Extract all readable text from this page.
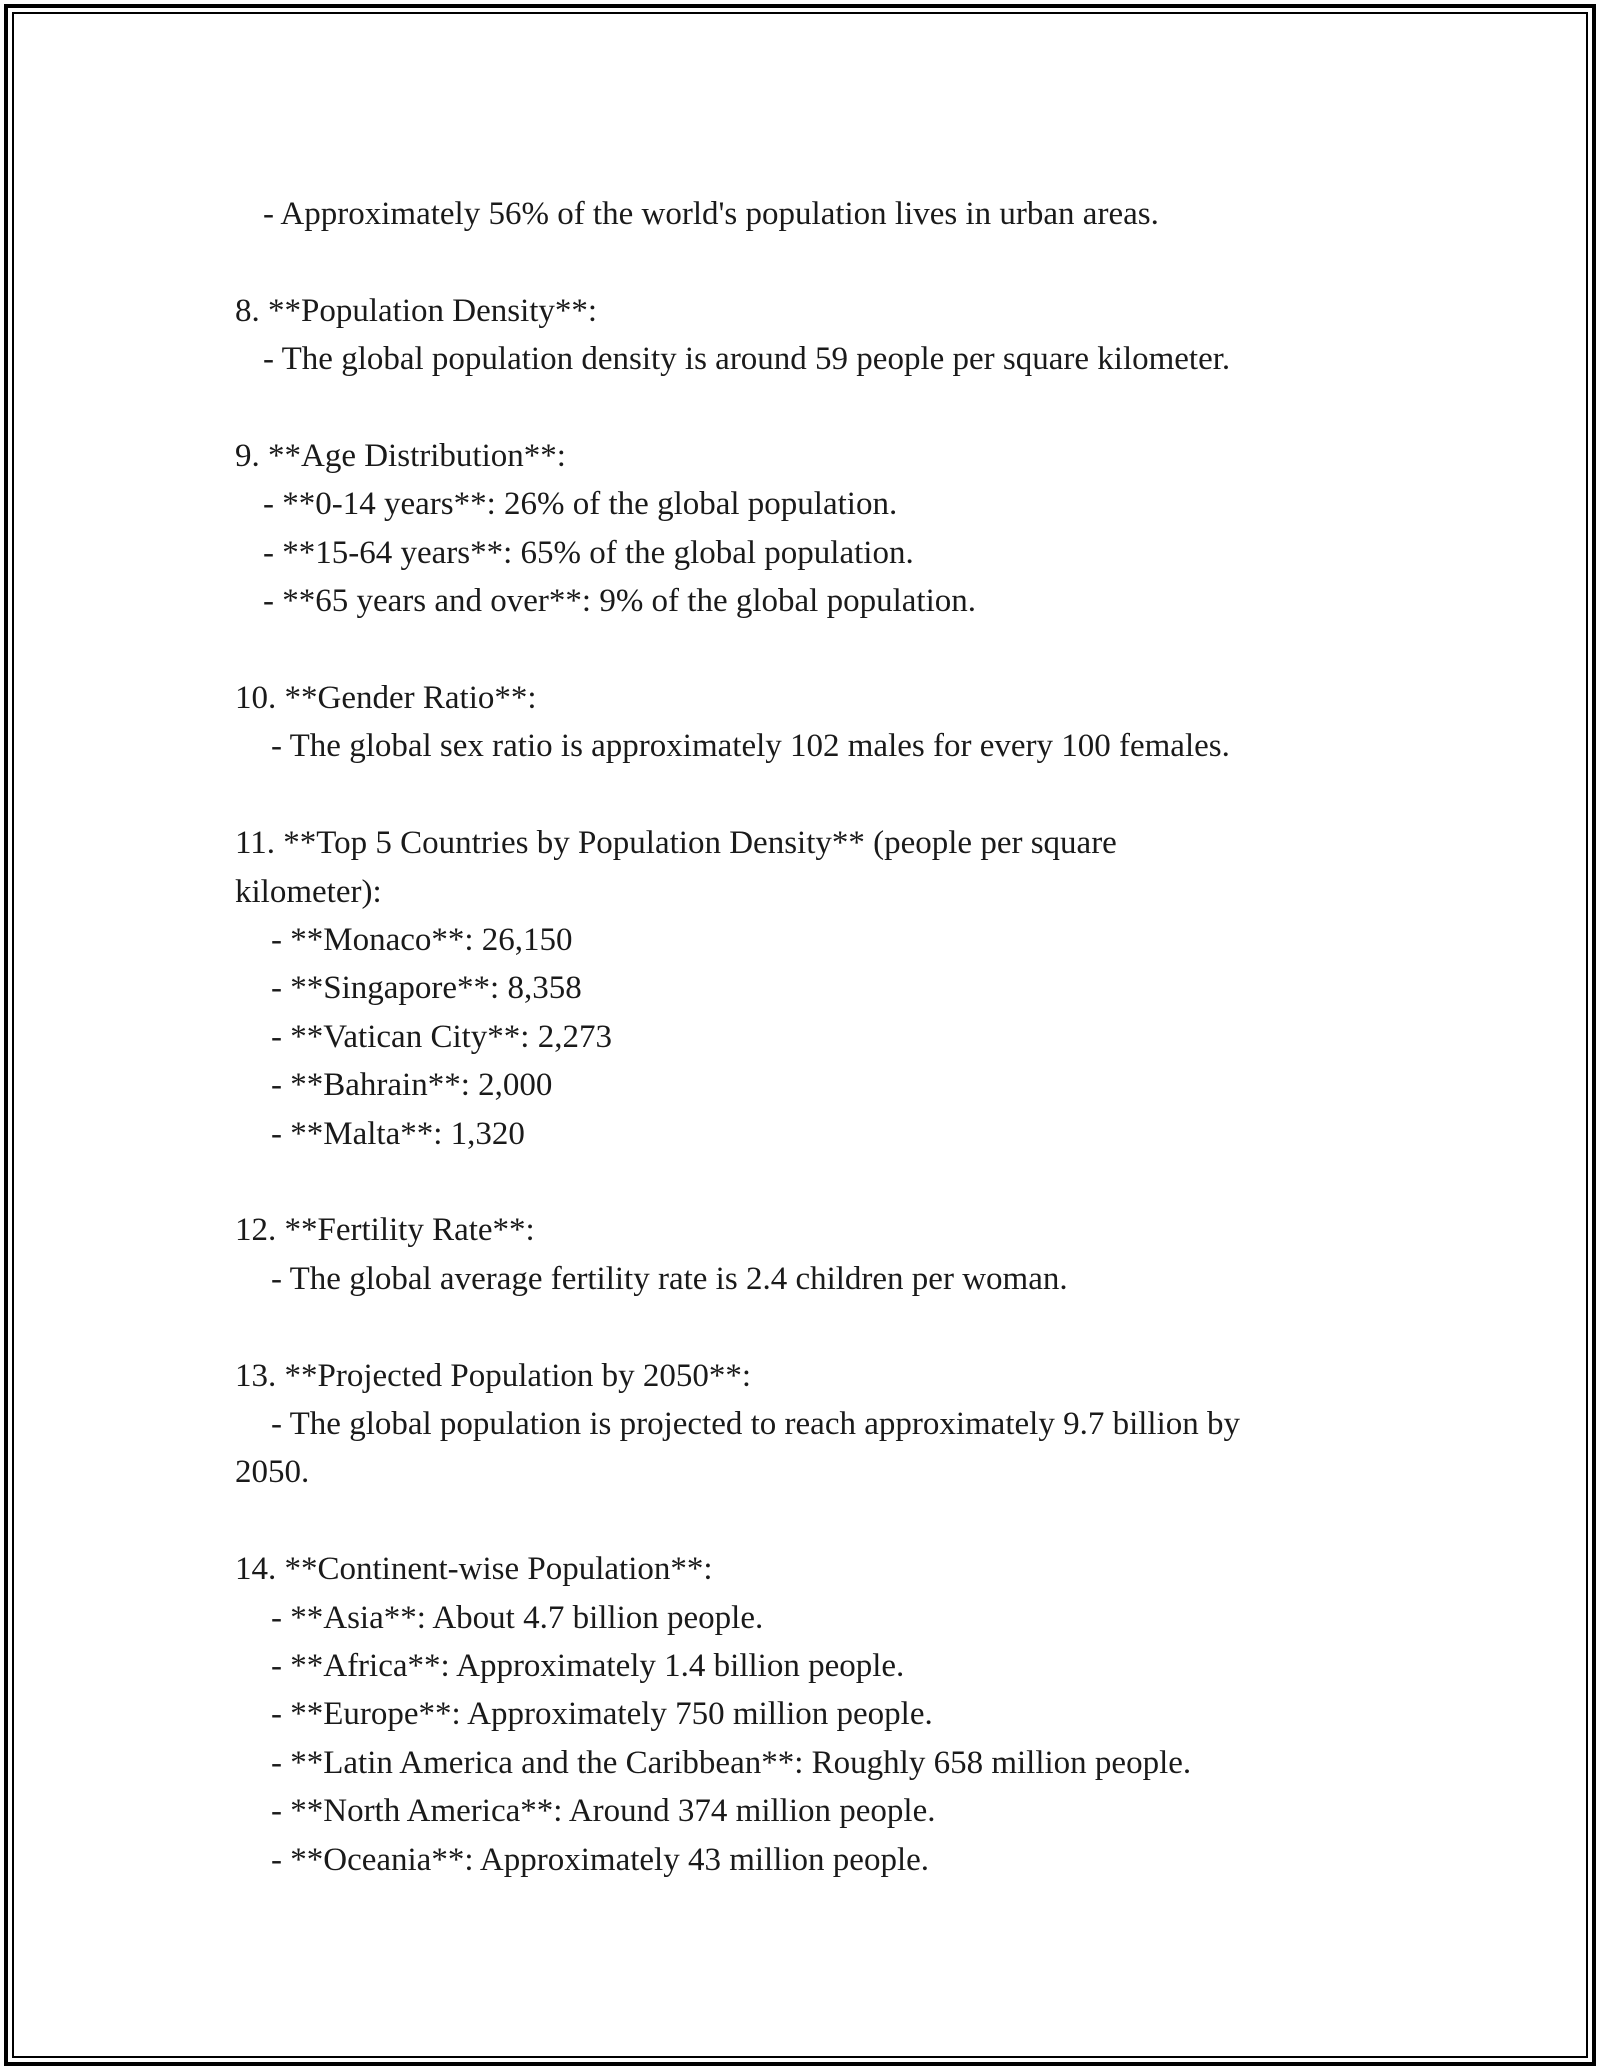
- Approximately 56% of the world's population lives in urban areas.

8. **Population Density**:

- The global population density is around 59 people per square kilometer.

9. **Age Distribution**:

- **0-14 years**: 26% of the global population.

- **15-64 years**: 65% of the global population.

- **65 years and over**: 9% of the global population.

10. **Gender Ratio**:

- The global sex ratio is approximately 102 males for every 100 females.

11. **Top 5 Countries by Population Density** (people per square

kilometer):

- **Monaco**: 26,150

- **Singapore**: 8,358

- **Vatican City**: 2,273

- **Bahrain**: 2,000

- **Malta**: 1,320

12. **Fertility Rate**:

- The global average fertility rate is 2.4 children per woman.

13. **Projected Population by 2050**:

- The global population is projected to reach approximately 9.7 billion by

2050.

14. **Continent-wise Population**:

- **Asia**: About 4.7 billion people.

- **Africa**: Approximately 1.4 billion people.

- **Europe**: Approximately 750 million people.

- **Latin America and the Caribbean**: Roughly 658 million people.

- **North America**: Around 374 million people.

- **Oceania**: Approximately 43 million people.
